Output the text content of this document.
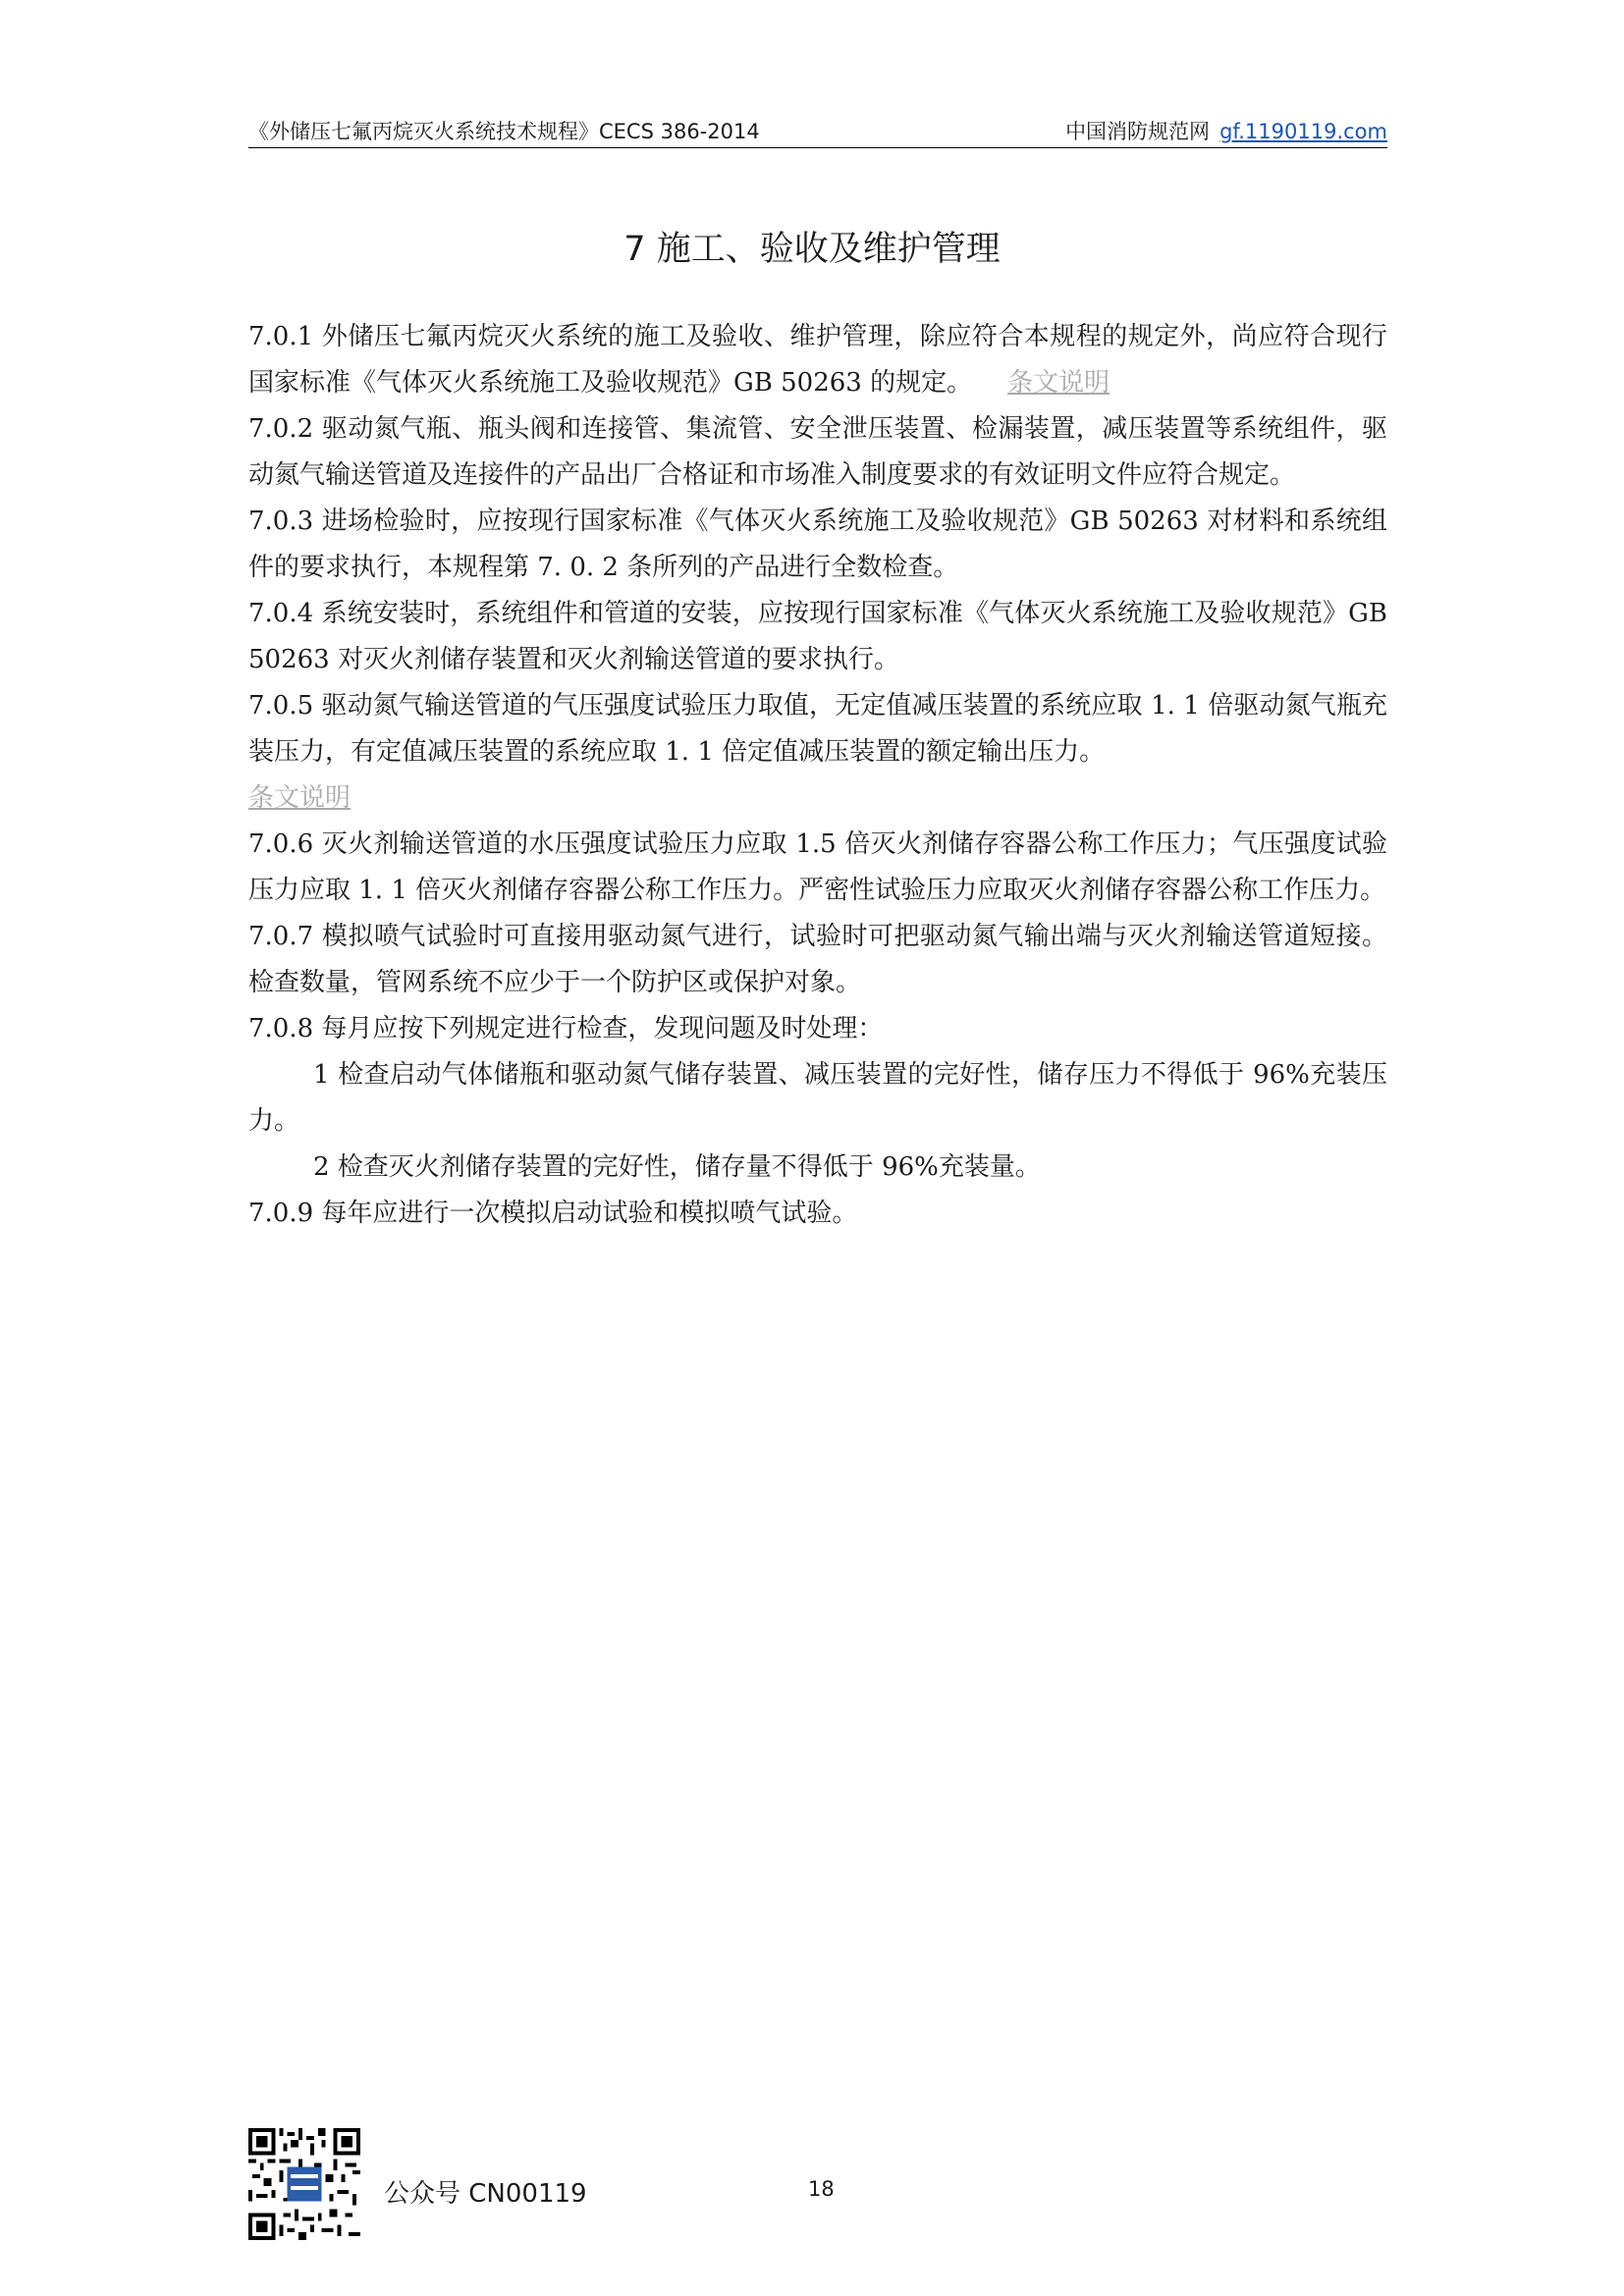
《外储压七氟丙烷灭火系统技术规程》CECS 386-2014	中国消防规范网 gf.1190119.com
7 施工、验收及维护管理

7.0.1 外储压七氟丙烷灭火系统的施工及验收、维护管理，除应符合本规程的规定外，尚应符合现行国家标准《气体灭火系统施工及验收规范》GB 50263 的规定。 条文说明

7.0.2 驱动氮气瓶、瓶头阀和连接管、集流管、安全泄压装置、检漏装置，减压装置等系统组件，驱动氮气输送管道及连接件的产品出厂合格证和市场准入制度要求的有效证明文件应符合规定。

7.0.3 进场检验时，应按现行国家标准《气体灭火系统施工及验收规范》GB 50263 对材料和系统组件的要求执行，本规程第 7. 0. 2 条所列的产品进行全数检查。

7.0.4 系统安装时，系统组件和管道的安装，应按现行国家标准《气体灭火系统施工及验收规范》GB 50263 对灭火剂储存装置和灭火剂输送管道的要求执行。

7.0.5 驱动氮气输送管道的气压强度试验压力取值，无定值减压装置的系统应取 1. 1 倍驱动氮气瓶充装压力，有定值减压装置的系统应取 1. 1 倍定值减压装置的额定输出压力。
条文说明

7.0.6 灭火剂输送管道的水压强度试验压力应取 1.5 倍灭火剂储存容器公称工作压力；气压强度试验压力应取 1. 1 倍灭火剂储存容器公称工作压力。严密性试验压力应取灭火剂储存容器公称工作压力。

7.0.7 模拟喷气试验时可直接用驱动氮气进行，试验时可把驱动氮气输出端与灭火剂输送管道短接。检查数量，管网系统不应少于一个防护区或保护对象。

7.0.8 每月应按下列规定进行检查，发现问题及时处理：

1 检查启动气体储瓶和驱动氮气储存装置、减压装置的完好性，储存压力不得低于 96%充装压力。

2 检查灭火剂储存装置的完好性，储存量不得低于 96%充装量。

7.0.9 每年应进行一次模拟启动试验和模拟喷气试验。

公众号 CN00119	18
